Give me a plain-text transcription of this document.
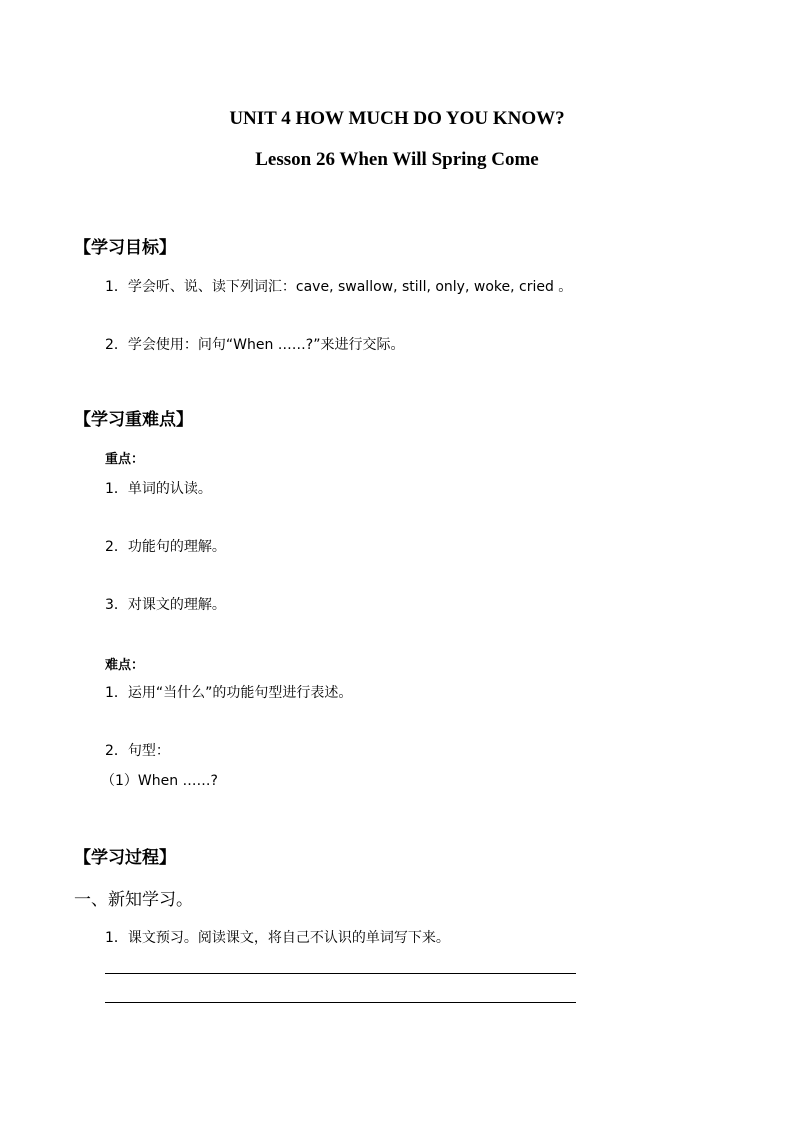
UNIT 4 HOW MUCH DO YOU KNOW?
Lesson 26 When Will Spring Come
【学习目标】
1．学会听、说、读下列词汇：cave, swallow, still, only, woke, cried 。
2．学会使用：问句“When ……?”来进行交际。
【学习重难点】
重点：
1．单词的认读。
2．功能句的理解。
3．对课文的理解。
难点：
1．运用“当什么”的功能句型进行表述。
2．句型：
（1）When ……?
【学习过程】
一、新知学习。
1．课文预习。阅读课文，将自己不认识的单词写下来。
